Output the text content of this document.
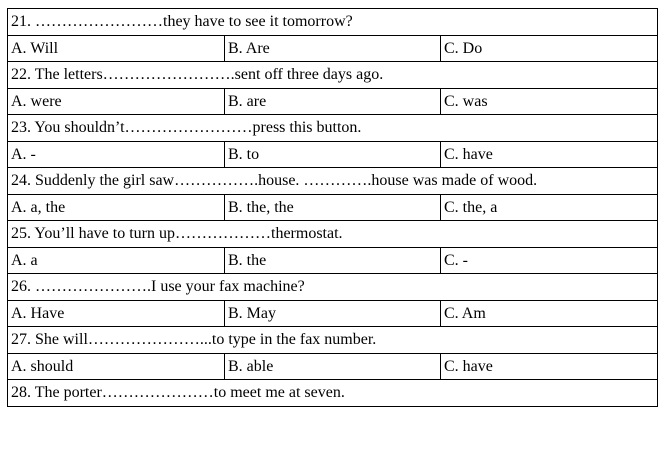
21. ……………………they have to see it tomorrow?		
A. Will	B. Are	C. Do
22. The letters…………………….sent off three days ago.		
A. were	B. are	C. was
23. You shouldn’t……………………press this button.		
A. -	B. to	C. have
24. Suddenly the girl saw…………….house. ………….house was made of wood.		
A. a, the	B. the, the	C. the, a
25. You’ll have to turn up………………thermostat.		
A. a	B. the	C. -
26. ………………….I use your fax machine?		
A. Have	B. May	C. Am
27. She will…………………...to type in the fax number.		
A. should	B. able	C. have
28. The porter…………………to meet me at seven.		
